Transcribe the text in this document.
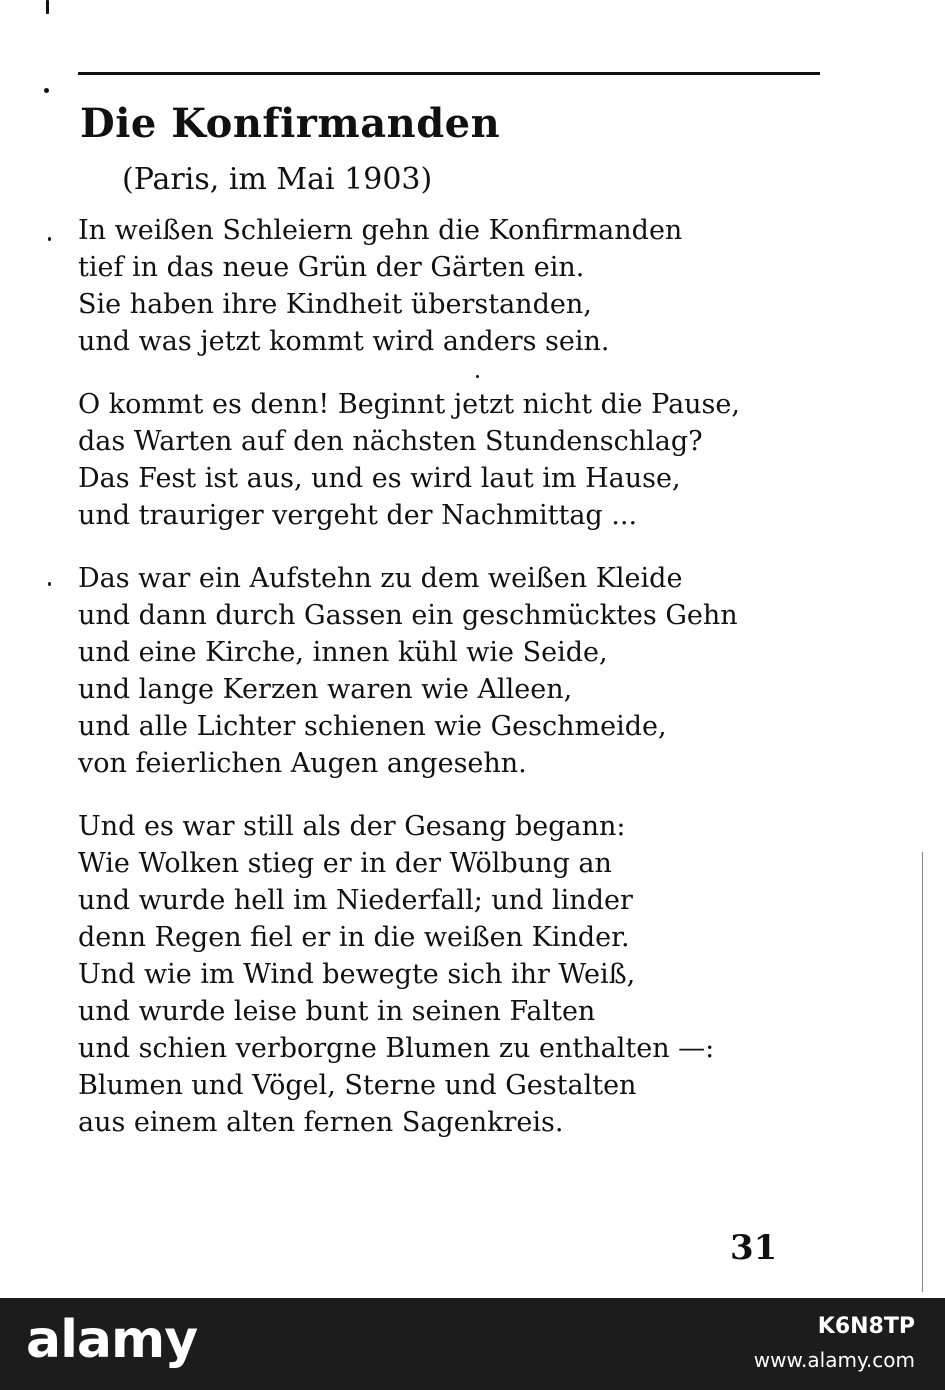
Die Konfirmanden
(Paris, im Mai 1903)
In weißen Schleiern gehn die Konfirmanden
tief in das neue Grün der Gärten ein.
Sie haben ihre Kindheit überstanden,
und was jetzt kommt wird anders sein.
O kommt es denn! Beginnt jetzt nicht die Pause,
das Warten auf den nächsten Stundenschlag?
Das Fest ist aus, und es wird laut im Hause,
und trauriger vergeht der Nachmittag ...
Das war ein Aufstehn zu dem weißen Kleide
und dann durch Gassen ein geschmücktes Gehn
und eine Kirche, innen kühl wie Seide,
und lange Kerzen waren wie Alleen,
und alle Lichter schienen wie Geschmeide,
von feierlichen Augen angesehn.
Und es war still als der Gesang begann:
Wie Wolken stieg er in der Wölbung an
und wurde hell im Niederfall; und linder
denn Regen fiel er in die weißen Kinder.
Und wie im Wind bewegte sich ihr Weiß,
und wurde leise bunt in seinen Falten
und schien verborgne Blumen zu enthalten —:
Blumen und Vögel, Sterne und Gestalten
aus einem alten fernen Sagenkreis.
31
alamy	K6N8TP
www.alamy.com
